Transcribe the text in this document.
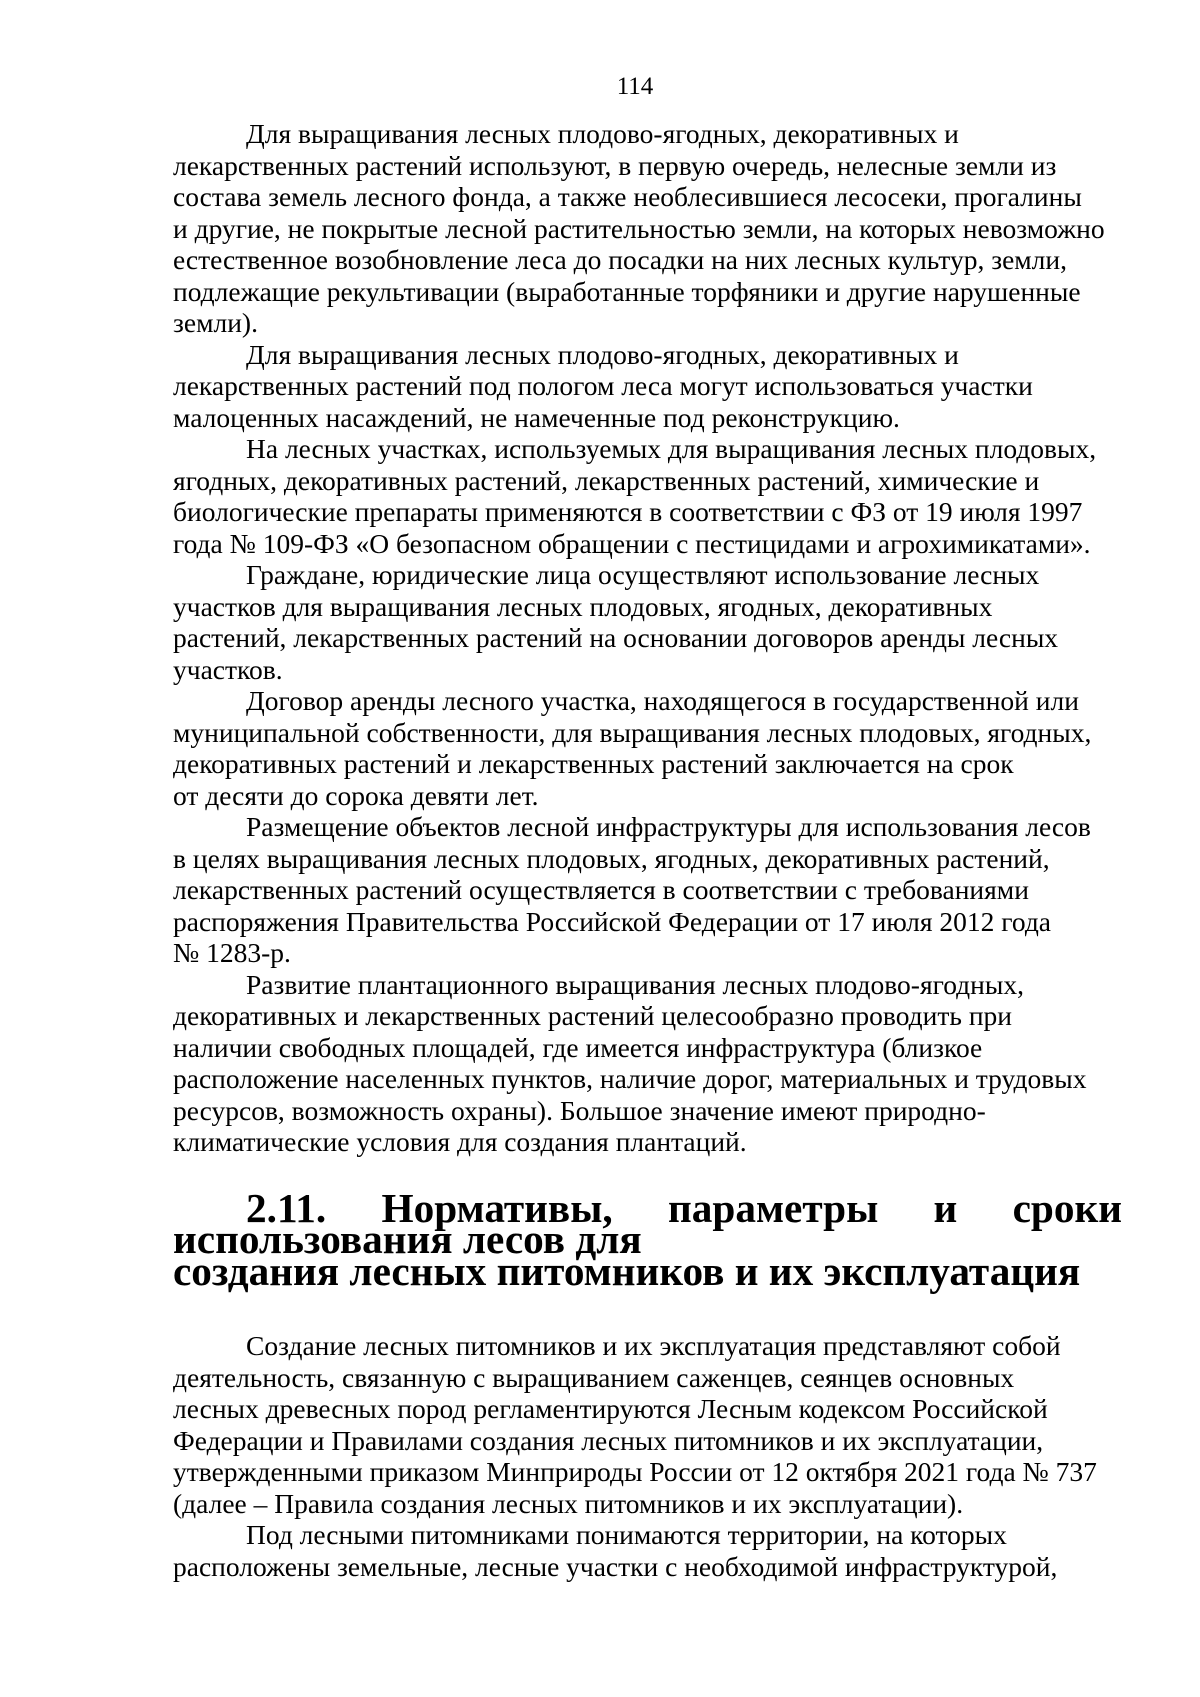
114

Для выращивания лесных плодово-ягодных, декоративных и
лекарственных растений используют, в первую очередь, нелесные земли из
состава земель лесного фонда, а также необлесившиеся лесосеки, прогалины
и другие, не покрытые лесной растительностью земли, на которых невозможно
естественное возобновление леса до посадки на них лесных культур, земли,
подлежащие рекультивации (выработанные торфяники и другие нарушенные
земли).

Для выращивания лесных плодово-ягодных, декоративных и
лекарственных растений под пологом леса могут использоваться участки
малоценных насаждений, не намеченные под реконструкцию.

На лесных участках, используемых для выращивания лесных плодовых,
ягодных, декоративных растений, лекарственных растений, химические и
биологические препараты применяются в соответствии с ФЗ от 19 июля 1997
года № 109-ФЗ «О безопасном обращении с пестицидами и агрохимикатами».

Граждане, юридические лица осуществляют использование лесных
участков для выращивания лесных плодовых, ягодных, декоративных
растений, лекарственных растений на основании договоров аренды лесных
участков.

Договор аренды лесного участка, находящегося в государственной или
муниципальной собственности, для выращивания лесных плодовых, ягодных,
декоративных растений и лекарственных растений заключается на срок
от десяти до сорока девяти лет.

Размещение объектов лесной инфраструктуры для использования лесов
в целях выращивания лесных плодовых, ягодных, декоративных растений,
лекарственных растений осуществляется в соответствии с требованиями
распоряжения Правительства Российской Федерации от 17 июля 2012 года
№ 1283-р.

Развитие плантационного выращивания лесных плодово-ягодных,
декоративных и лекарственных растений целесообразно проводить при
наличии свободных площадей, где имеется инфраструктура (близкое
расположение населенных пунктов, наличие дорог, материальных и трудовых
ресурсов, возможность охраны). Большое значение имеют природно-
климатические условия для создания плантаций.

2.11. Нормативы, параметры и сроки использования лесов для
создания лесных питомников и их эксплуатация

Создание лесных питомников и их эксплуатация представляют собой
деятельность, связанную с выращиванием саженцев, сеянцев основных
лесных древесных пород регламентируются Лесным кодексом Российской
Федерации и Правилами создания лесных питомников и их эксплуатации,
утвержденными приказом Минприроды России от 12 октября 2021 года № 737
(далее – Правила создания лесных питомников и их эксплуатации).

Под лесными питомниками понимаются территории, на которых
расположены земельные, лесные участки с необходимой инфраструктурой,
